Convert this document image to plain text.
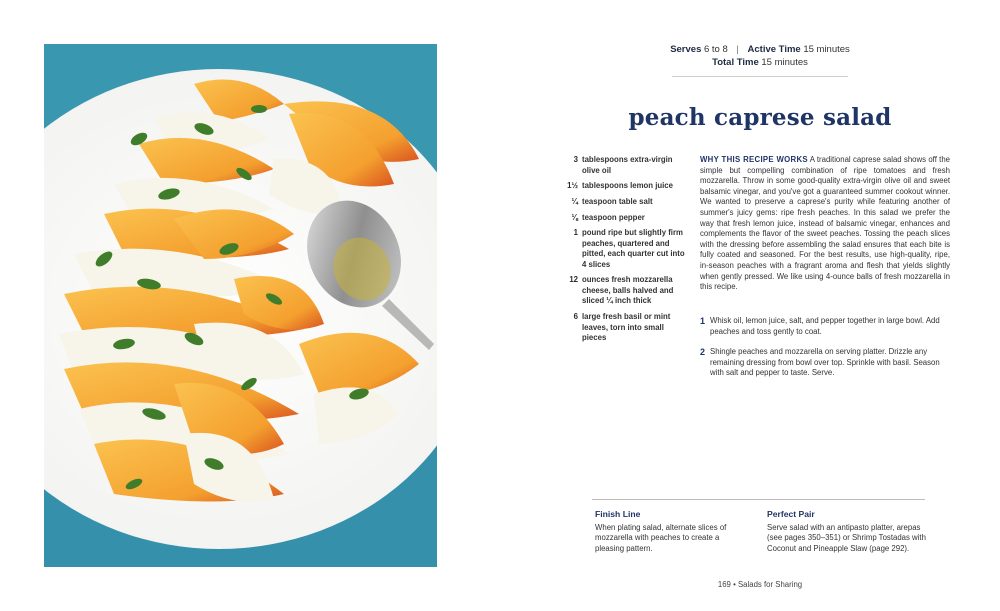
Serves 6 to 8 | Active Time 15 minutes
Total Time 15 minutes
peach caprese salad
3 tablespoons extra-virgin olive oil
1½ tablespoons lemon juice
¼ teaspoon table salt
⅛ teaspoon pepper
1 pound ripe but slightly firm peaches, quartered and pitted, each quarter cut into 4 slices
12 ounces fresh mozzarella cheese, balls halved and sliced ¼ inch thick
6 large fresh basil or mint leaves, torn into small pieces
WHY THIS RECIPE WORKS A traditional caprese salad shows off the simple but compelling combination of ripe tomatoes and fresh mozzarella. Throw in some good-quality extra-virgin olive oil and sweet balsamic vinegar, and you've got a guaranteed summer cookout winner. We wanted to preserve a caprese's purity while featuring another of summer's juicy gems: ripe fresh peaches. In this salad we prefer the way that fresh lemon juice, instead of balsamic vinegar, enhances and complements the flavor of the sweet peaches. Tossing the peach slices with the dressing before assembling the salad ensures that each bite is fully coated and seasoned. For the best results, use high-quality, ripe, in-season peaches with a fragrant aroma and flesh that yields slightly when gently pressed. We like using 4-ounce balls of fresh mozzarella in this recipe.
1 Whisk oil, lemon juice, salt, and pepper together in large bowl. Add peaches and toss gently to coat.
2 Shingle peaches and mozzarella on serving platter. Drizzle any remaining dressing from bowl over top. Sprinkle with basil. Season with salt and pepper to taste. Serve.
Finish Line
When plating salad, alternate slices of mozzarella with peaches to create a pleasing pattern.
Perfect Pair
Serve salad with an antipasto platter, arepas (see pages 350–351) or Shrimp Tostadas with Coconut and Pineapple Slaw (page 292).
169 • Salads for Sharing
